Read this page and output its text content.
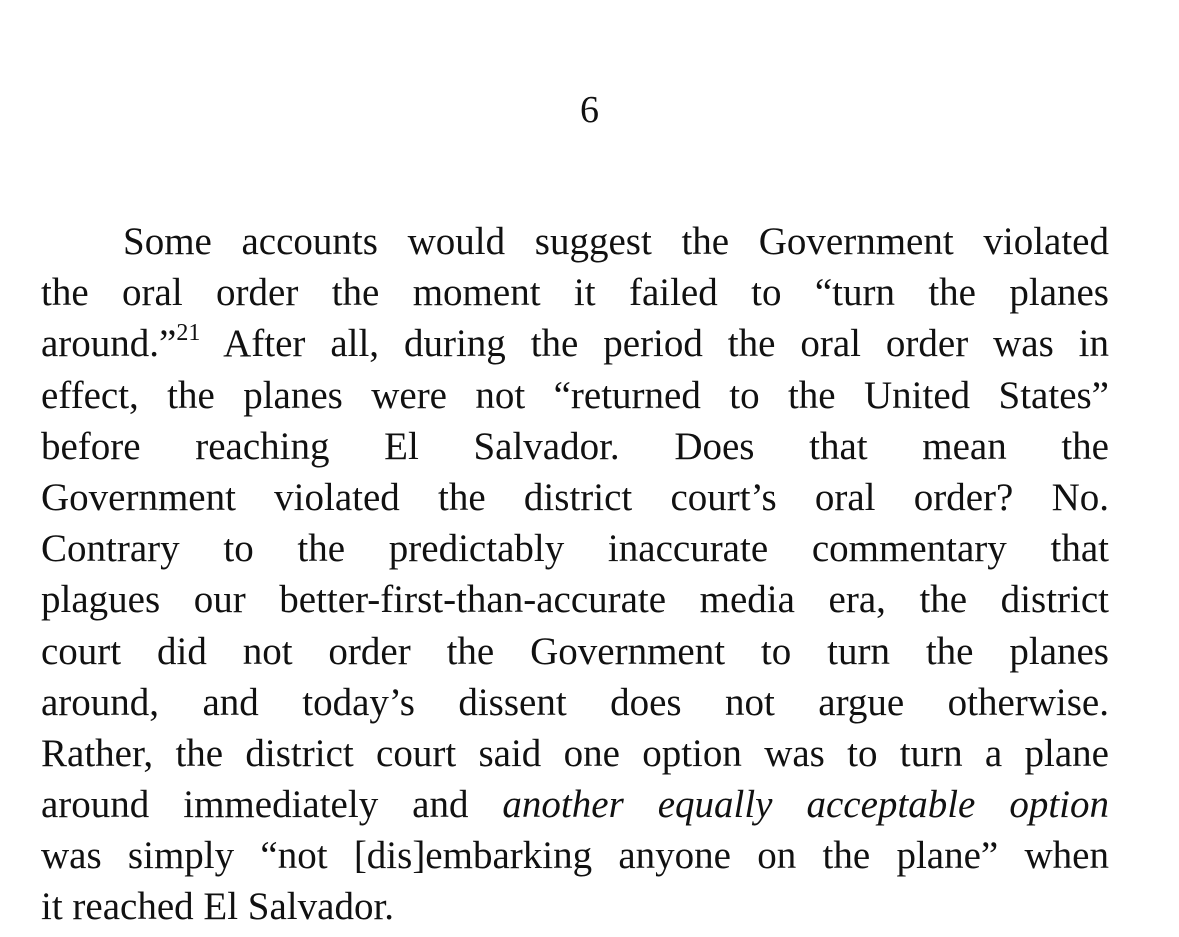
6
Some accounts would suggest the Government violated
the oral order the moment it failed to “turn the planes
around.”$^{21}$ After all, during the period the oral order was in
effect, the planes were not “returned to the United States”
before reaching El Salvador. Does that mean the
Government violated the district court’s oral order? No.
Contrary to the predictably inaccurate commentary that
plagues our better-first-than-accurate media era, the district
court did not order the Government to turn the planes
around, and today’s dissent does not argue otherwise.
Rather, the district court said one option was to turn a plane
around immediately and another equally acceptable option
was simply “not [dis]embarking anyone on the plane” when
it reached El Salvador.
